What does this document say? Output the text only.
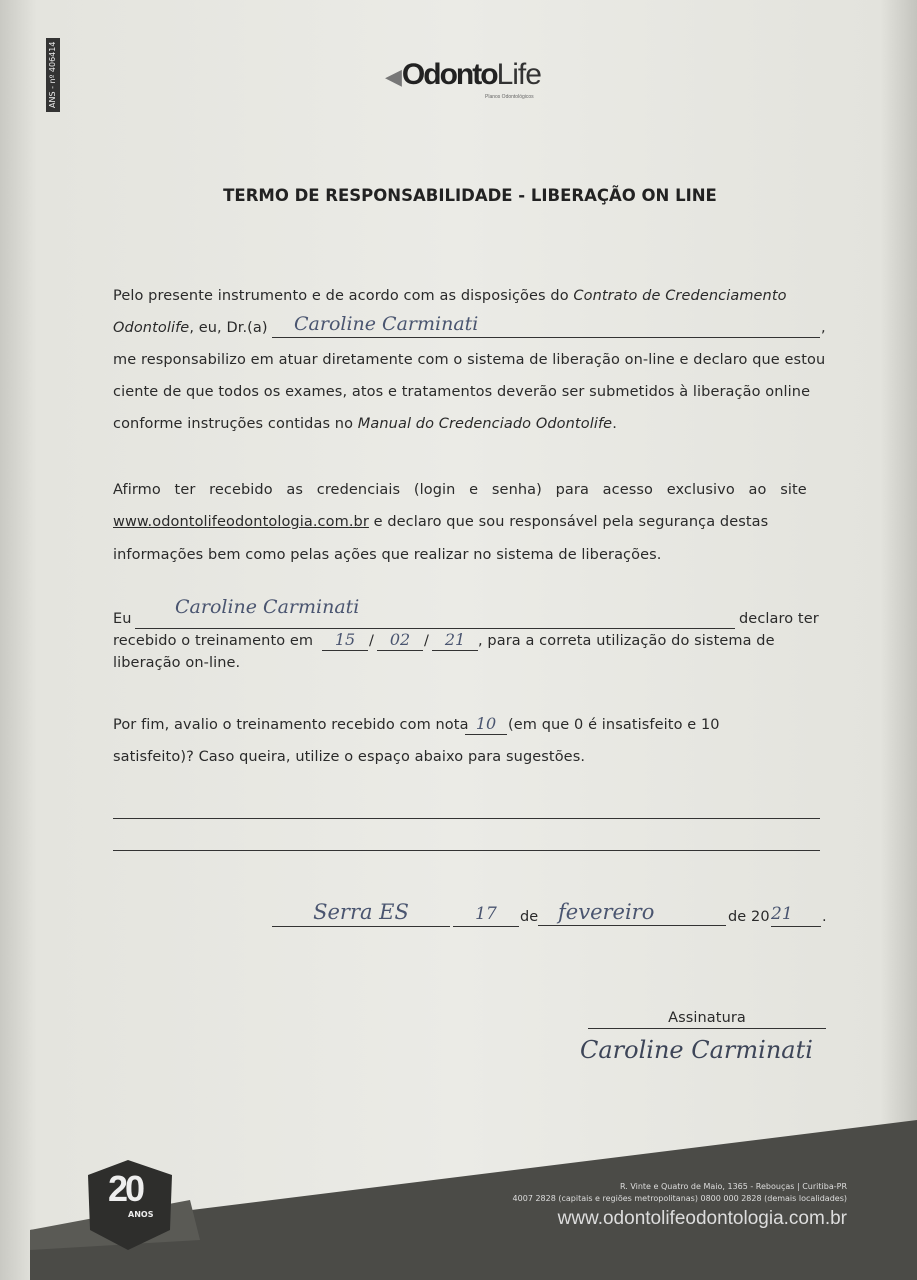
ANS - nº 406414	◀OdontoLife
Planos Odontológicos
TERMO DE RESPONSABILIDADE - LIBERAÇÃO ON LINE
Pelo presente instrumento e de acordo com as disposições do Contrato de Credenciamento
Odontolife, eu, Dr.(a) Caroline Carminati	,
me responsabilizo em atuar diretamente com o sistema de liberação on-line e declaro que estou
ciente de que todos os exames, atos e tratamentos deverão ser submetidos à liberação online
conforme instruções contidas no Manual do Credenciado Odontolife.
Afirmo ter recebido as credenciais (login e senha) para acesso exclusivo ao site
www.odontolifeodontologia.com.br e declaro que sou responsável pela segurança destas
informações bem como pelas ações que realizar no sistema de liberações.
Eu
Caroline Carminati
declaro ter
recebido o treinamento em	15 / 02 / 21 , para a correta utilização do sistema de
liberação on-line.
Por fim, avalio o treinamento recebido com nota 10 (em que 0 é insatisfeito e 10
satisfeito)? Caso queira, utilize o espaço abaixo para sugestões.
Serra ES	17	de fevereiro	de 20 21	.
Assinatura
Caroline Carminati
20
ANOS
R. Vinte e Quatro de Maio, 1365 - Rebouças | Curitiba-PR
4007 2828 (capitais e regiões metropolitanas) 0800 000 2828 (demais localidades)
www.odontolifeodontologia.com.br
